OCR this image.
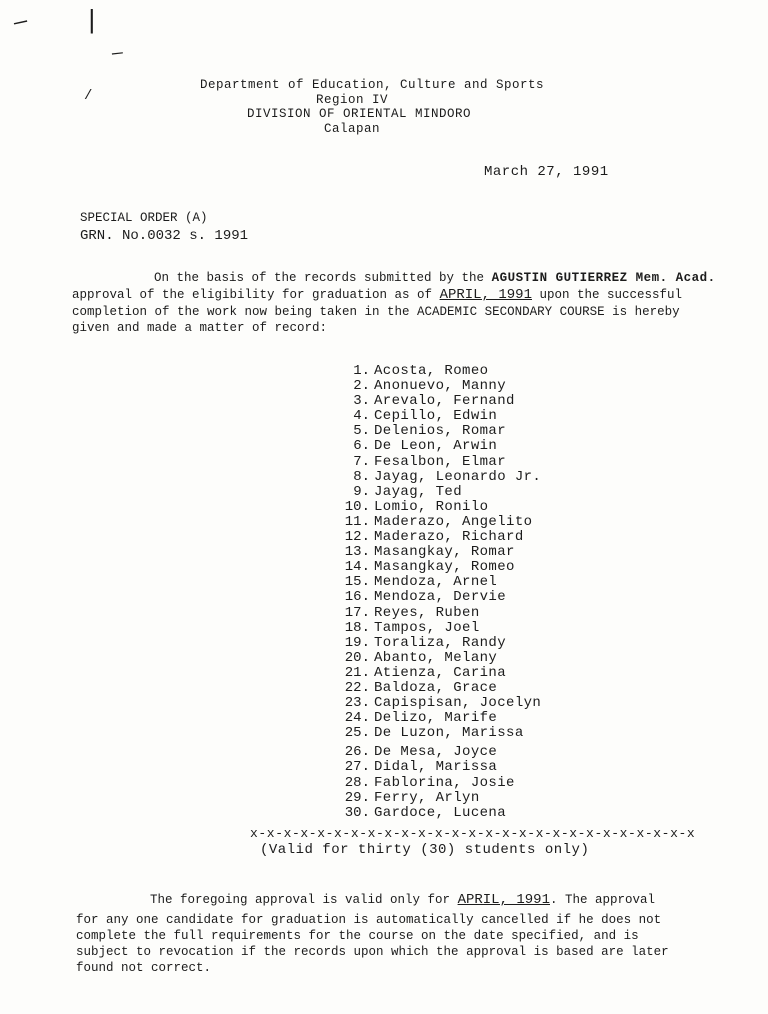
— |
—
/
Department of Education, Culture and Sports
Region IV
DIVISION OF ORIENTAL MINDORO
Calapan
March 27, 1991
SPECIAL ORDER (A)
GRN. No.0032 s. 1991
On the basis of the records submitted by the AGUSTIN GUTIERREZ Mem. Acad.
approval of the eligibility for graduation as of APRIL, 1991 upon the successful
completion of the work now being taken in the ACADEMIC SECONDARY COURSE is hereby
given and made a matter of record:
1. Acosta, Romeo
2. Anonuevo, Manny
3. Arevalo, Fernand
4. Cepillo, Edwin
5. Delenios, Romar
6. De Leon, Arwin
7. Fesalbon, Elmar
8. Jayag, Leonardo Jr.
9. Jayag, Ted
10. Lomio, Ronilo
11. Maderazo, Angelito
12. Maderazo, Richard
13. Masangkay, Romar
14. Masangkay, Romeo
15. Mendoza, Arnel
16. Mendoza, Dervie
17. Reyes, Ruben
18. Tampos, Joel
19. Toraliza, Randy
20. Abanto, Melany
21. Atienza, Carina
22. Baldoza, Grace
23. Capispisan, Jocelyn
24. Delizo, Marife
25. De Luzon, Marissa
26. De Mesa, Joyce
27. Didal, Marissa
28. Fablorina, Josie
29. Ferry, Arlyn
30. Gardoce, Lucena
x-x-x-x-x-x-x-x-x-x-x-x-x-x-x-x-x-x-x-x-x-x-x-x-x-x-x
(Valid for thirty (30) students only)
The foregoing approval is valid only for APRIL, 1991. The approval
for any one candidate for graduation is automatically cancelled if he does not
complete the full requirements for the course on the date specified, and is
subject to revocation if the records upon which the approval is based are later
found not correct.
